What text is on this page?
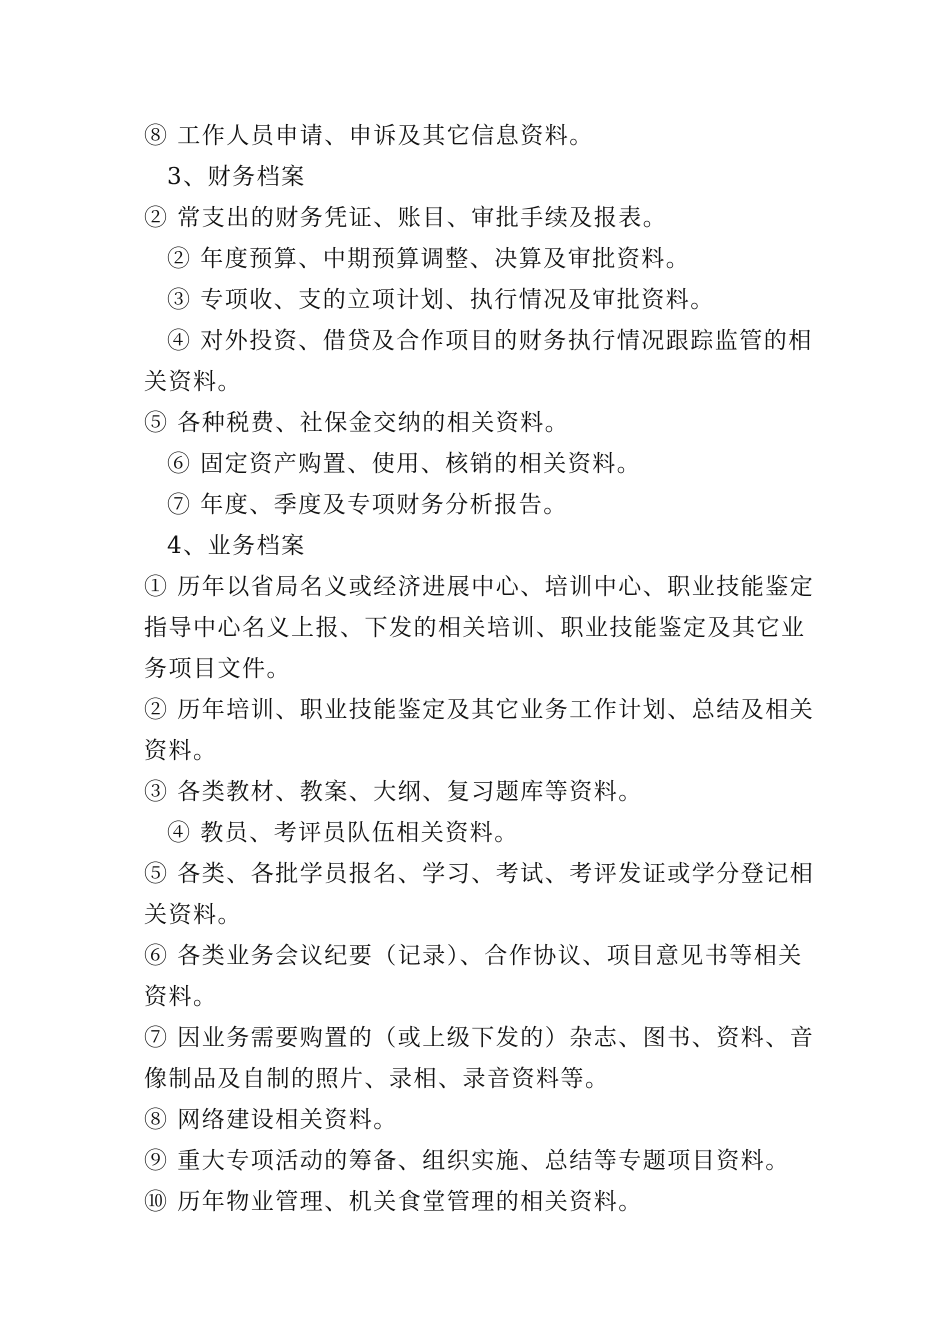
⑧ 工作人员申请、申诉及其它信息资料。
3、财务档案
② 常支出的财务凭证、账目、审批手续及报表。
② 年度预算、中期预算调整、决算及审批资料。
③ 专项收、支的立项计划、执行情况及审批资料。
④ 对外投资、借贷及合作项目的财务执行情况跟踪监管的相
关资料。
⑤ 各种税费、社保金交纳的相关资料。
⑥ 固定资产购置、使用、核销的相关资料。
⑦ 年度、季度及专项财务分析报告。
4、业务档案
① 历年以省局名义或经济进展中心、培训中心、职业技能鉴定
指导中心名义上报、下发的相关培训、职业技能鉴定及其它业
务项目文件。
② 历年培训、职业技能鉴定及其它业务工作计划、总结及相关
资料。
③ 各类教材、教案、大纲、复习题库等资料。
④ 教员、考评员队伍相关资料。
⑤ 各类、各批学员报名、学习、考试、考评发证或学分登记相
关资料。
⑥ 各类业务会议纪要（记录）、合作协议、项目意见书等相关
资料。
⑦ 因业务需要购置的（或上级下发的）杂志、图书、资料、音
像制品及自制的照片、录相、录音资料等。
⑧ 网络建设相关资料。
⑨ 重大专项活动的筹备、组织实施、总结等专题项目资料。
⑩ 历年物业管理、机关食堂管理的相关资料。
